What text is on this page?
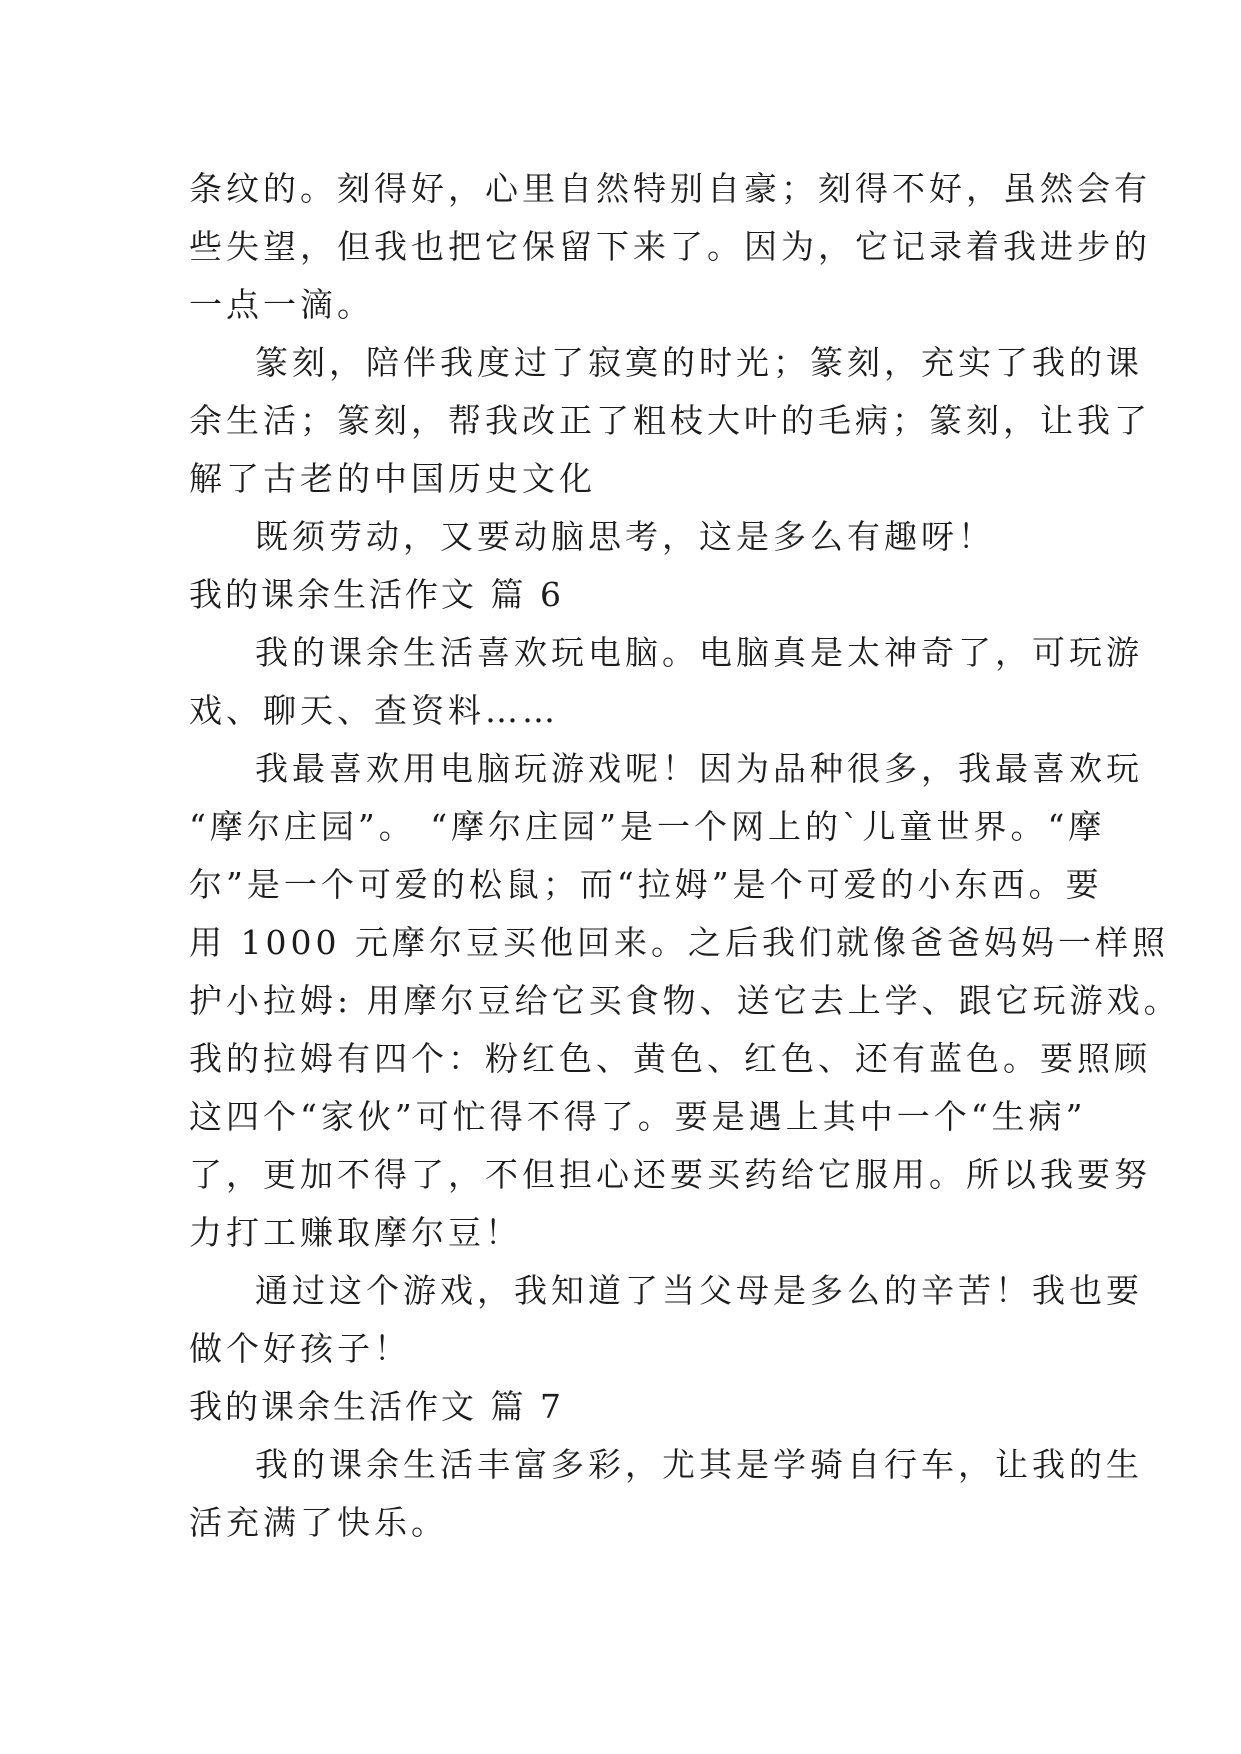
条纹的。刻得好，心里自然特别自豪；刻得不好，虽然会有
些失望，但我也把它保留下来了。因为，它记录着我进步的
一点一滴。
篆刻，陪伴我度过了寂寞的时光；篆刻，充实了我的课
余生活；篆刻，帮我改正了粗枝大叶的毛病；篆刻，让我了
解了古老的中国历史文化
既须劳动，又要动脑思考，这是多么有趣呀！
我的课余生活作文 篇 6
我的课余生活喜欢玩电脑。电脑真是太神奇了，可玩游
戏、聊天、查资料……
我最喜欢用电脑玩游戏呢！因为品种很多，我最喜欢玩
“摩尔庄园”。 “摩尔庄园”是一个网上的`儿童世界。“摩
尔”是一个可爱的松鼠；而“拉姆”是个可爱的小东西。要
用 1000 元摩尔豆买他回来。之后我们就像爸爸妈妈一样照
护小拉姆: 用摩尔豆给它买食物、送它去上学、跟它玩游戏。
我的拉姆有四个：粉红色、黄色、红色、还有蓝色。要照顾
这四个“家伙”可忙得不得了。要是遇上其中一个“生病”
了，更加不得了，不但担心还要买药给它服用。所以我要努
力打工赚取摩尔豆！
通过这个游戏，我知道了当父母是多么的辛苦！我也要
做个好孩子！
我的课余生活作文 篇 7
我的课余生活丰富多彩，尤其是学骑自行车，让我的生
活充满了快乐。
